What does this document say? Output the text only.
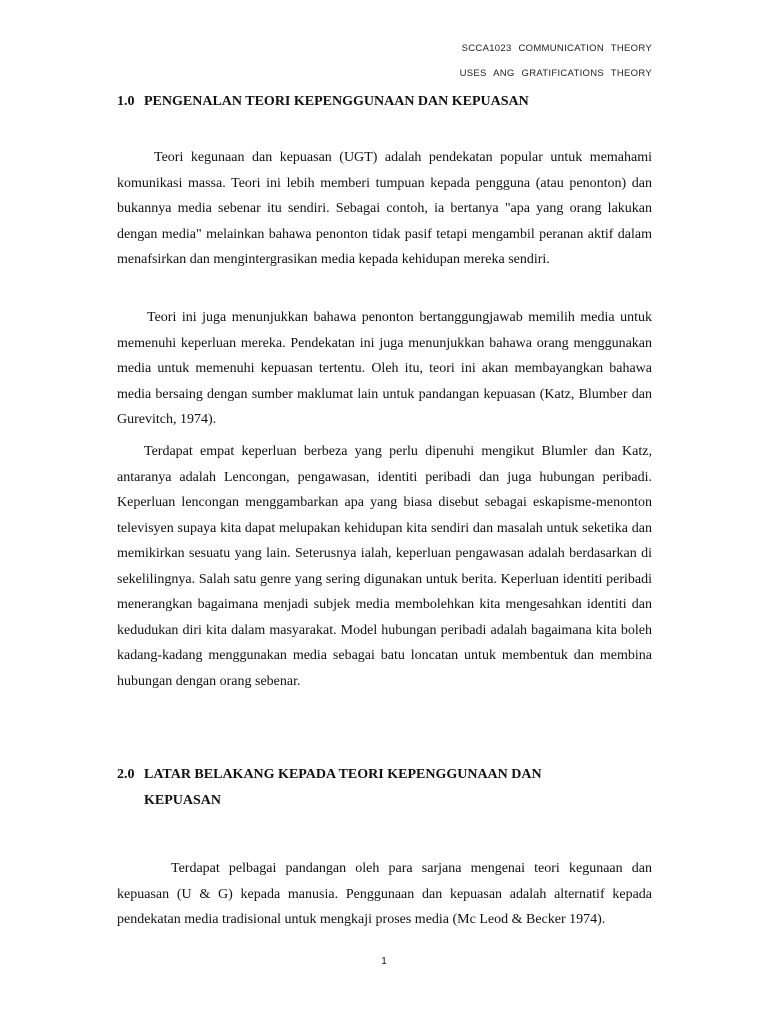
SCCA1023 COMMUNICATION THEORY
USES ANG GRATIFICATIONS THEORY
1.0 PENGENALAN TEORI KEPENGGUNAAN DAN KEPUASAN

Teori kegunaan dan kepuasan (UGT) adalah pendekatan popular untuk memahami komunikasi massa. Teori ini lebih memberi tumpuan kepada pengguna (atau penonton) dan bukannya media sebenar itu sendiri. Sebagai contoh, ia bertanya "apa yang orang lakukan dengan media" melainkan bahawa penonton tidak pasif tetapi mengambil peranan aktif dalam menafsirkan dan mengintergrasikan media kepada kehidupan mereka sendiri.

Teori ini juga menunjukkan bahawa penonton bertanggungjawab memilih media untuk memenuhi keperluan mereka. Pendekatan ini juga menunjukkan bahawa orang menggunakan media untuk memenuhi kepuasan tertentu. Oleh itu, teori ini akan membayangkan bahawa media bersaing dengan sumber maklumat lain untuk pandangan kepuasan (Katz, Blumber dan Gurevitch, 1974).

Terdapat empat keperluan berbeza yang perlu dipenuhi mengikut Blumler dan Katz, antaranya adalah Lencongan, pengawasan, identiti peribadi dan juga hubungan peribadi. Keperluan lencongan menggambarkan apa yang biasa disebut sebagai eskapisme-menonton televisyen supaya kita dapat melupakan kehidupan kita sendiri dan masalah untuk seketika dan memikirkan sesuatu yang lain. Seterusnya ialah, keperluan pengawasan adalah berdasarkan di sekelilingnya. Salah satu genre yang sering digunakan untuk berita. Keperluan identiti peribadi menerangkan bagaimana menjadi subjek media membolehkan kita mengesahkan identiti dan kedudukan diri kita dalam masyarakat. Model hubungan peribadi adalah bagaimana kita boleh kadang-kadang menggunakan media sebagai batu loncatan untuk membentuk dan membina hubungan dengan orang sebenar.

2.0 LATAR BELAKANG KEPADA TEORI KEPENGGUNAAN DAN
KEPUASAN

Terdapat pelbagai pandangan oleh para sarjana mengenai teori kegunaan dan kepuasan (U & G) kepada manusia. Penggunaan dan kepuasan adalah alternatif kepada pendekatan media tradisional untuk mengkaji proses media (Mc Leod & Becker 1974).

1
